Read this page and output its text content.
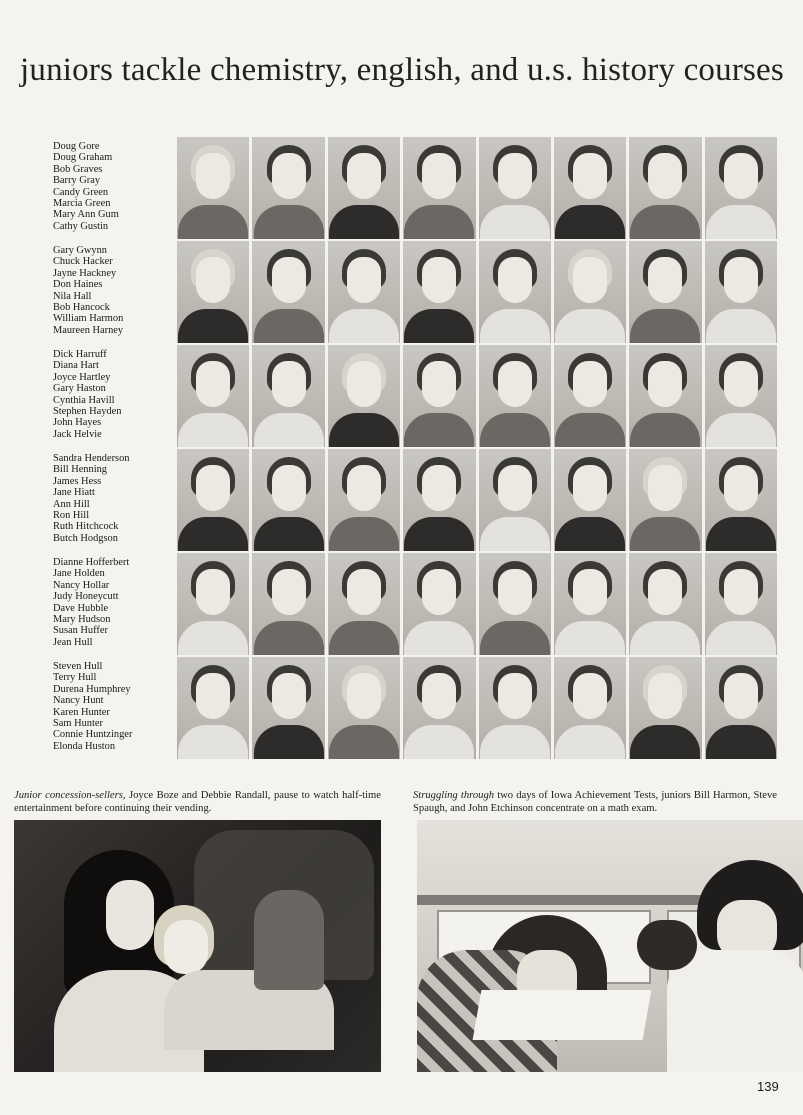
juniors tackle chemistry, english, and u.s. history courses
Doug Gore
Doug Graham
Bob Graves
Barry Gray
Candy Green
Marcia Green
Mary Ann Gum
Cathy Gustin
Gary Gwynn
Chuck Hacker
Jayne Hackney
Don Haines
Nila Hall
Bob Hancock
William Harmon
Maureen Harney
Dick Harruff
Diana Hart
Joyce Hartley
Gary Haston
Cynthia Havill
Stephen Hayden
John Hayes
Jack Helvie
Sandra Henderson
Bill Henning
James Hess
Jane Hiatt
Ann Hill
Ron Hill
Ruth Hitchcock
Butch Hodgson
Dianne Hofferbert
Jane Holden
Nancy Hollar
Judy Honeycutt
Dave Hubble
Mary Hudson
Susan Huffer
Jean Hull
Steven Hull
Terry Hull
Durena Humphrey
Nancy Hunt
Karen Hunter
Sam Hunter
Connie Huntzinger
Elonda Huston

Junior concession-sellers, Joyce Boze and Debbie Randall, pause to watch half-time entertainment before continuing their vending.

Struggling through two days of Iowa Achievement Tests, juniors Bill Harmon, Steve Spaugh, and John Etchinson concentrate on a math exam.

139
